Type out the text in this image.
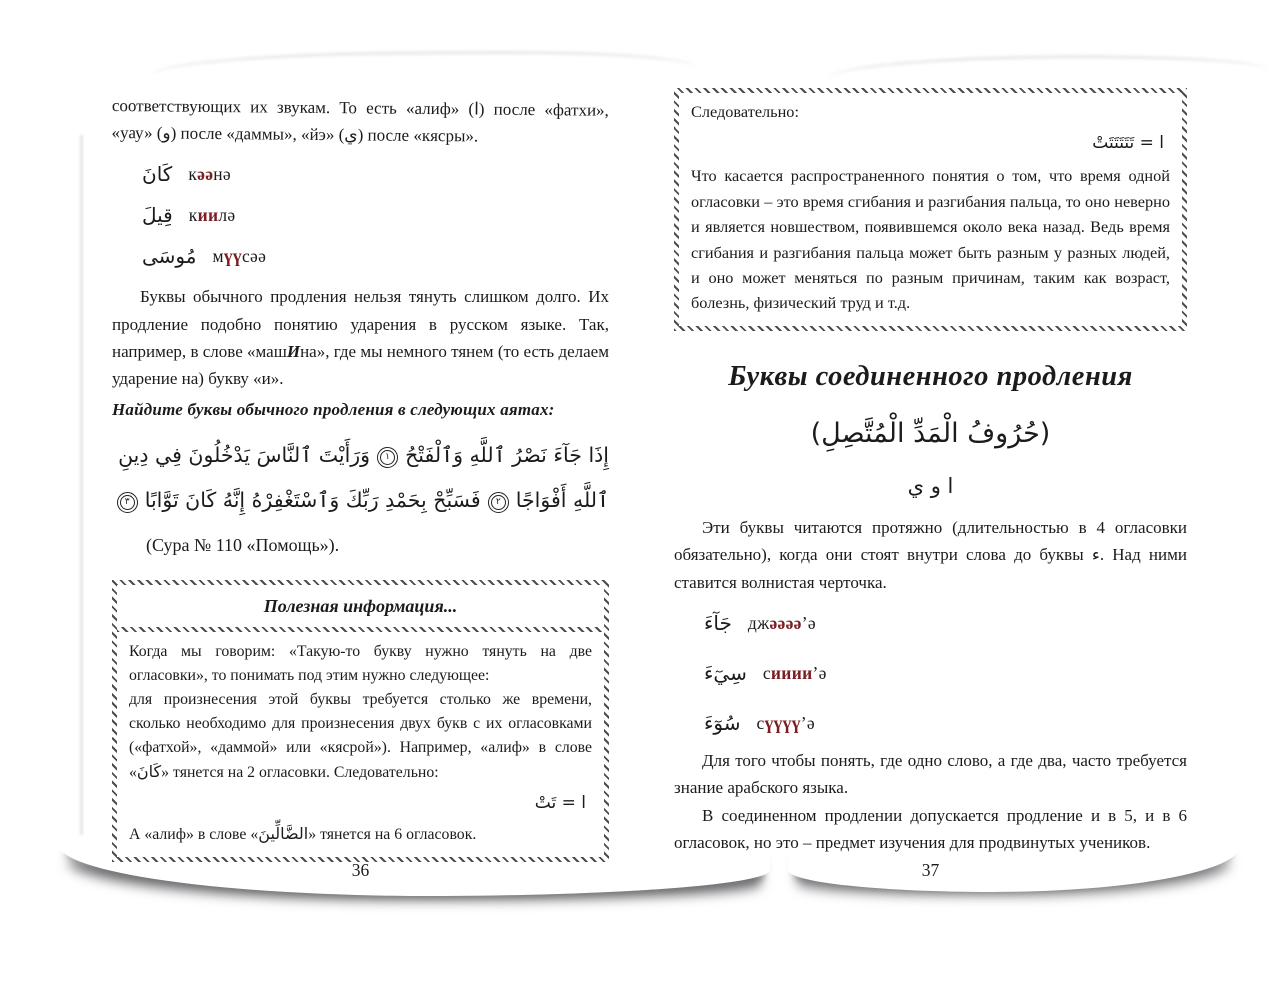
соответствующих их звукам. То есть «алиф» (ا) после «фатхи», «уау» (و) после «даммы», «йэ» (ي) после «кясры».

كَانَ кəəнə
قِيلَ киилə
مُوسَى мүүсəə

Буквы обычного продления нельзя тянуть слишком долго. Их продление подобно понятию ударения в русском языке. Так, например, в слове «машИна», где мы немного тянем (то есть делаем ударение на) букву «и».

Найдите буквы обычного продления в следующих аятах:

إِذَا جَآءَ نَصْرُ ٱللَّهِ وَٱلْفَتْحُ
١
وَرَأَيْتَ ٱلنَّاسَ يَدْخُلُونَ فِي دِينِ
ٱللَّهِ أَفْوَاجًا
٢
فَسَبِّحْ بِحَمْدِ رَبِّكَ وَٱسْتَغْفِرْهُ إِنَّهُ كَانَ تَوَّابًا
٣

(Сура № 110 «Помощь»).

Полезная информация...

Когда мы говорим: «Такую-то букву нужно тянуть на две огласовки», то понимать под этим нужно следующее:

для произнесения этой буквы требуется столько же времени, сколько необходимо для произнесения двух букв с их огласовками («фатхой», «даммой» или «кясрой»). Например, «алиф» в слове «كَانَ» тянется на 2 огласовки. Следовательно:

ا = تَتْ

А «алиф» в слове «الضَّالِّينَ» тянется на 6 огласовок.

36

Следовательно:

ا = تَتَتَتَتَتْ

Что касается распространенного понятия о том, что время одной огласовки – это время сгибания и разгибания пальца, то оно неверно и является новшеством, появившемся около века назад. Ведь время сгибания и разгибания пальца может быть разным у разных людей, и оно может меняться по разным причинам, таким как возраст, болезнь, физический труд и т.д.

Буквы соединенного продления
(حُرُوفُ الْمَدِّ الْمُتَّصِلِ)
ا و ي

Эти буквы читаются протяжно (длительностью в 4 огласовки обязательно), когда они стоят внутри слова до буквы ء. Над ними ставится волнистая черточка.

جَآءَ джəəəə’ə
سِيٓءَ сииии’ə
سُوٓءَ сүүүү’ə

Для того чтобы понять, где одно слово, а где два, часто требуется знание арабского языка.

В соединенном продлении допускается продление и в 5, и в 6 огласовок, но это – предмет изучения для продвинутых учеников.

37
